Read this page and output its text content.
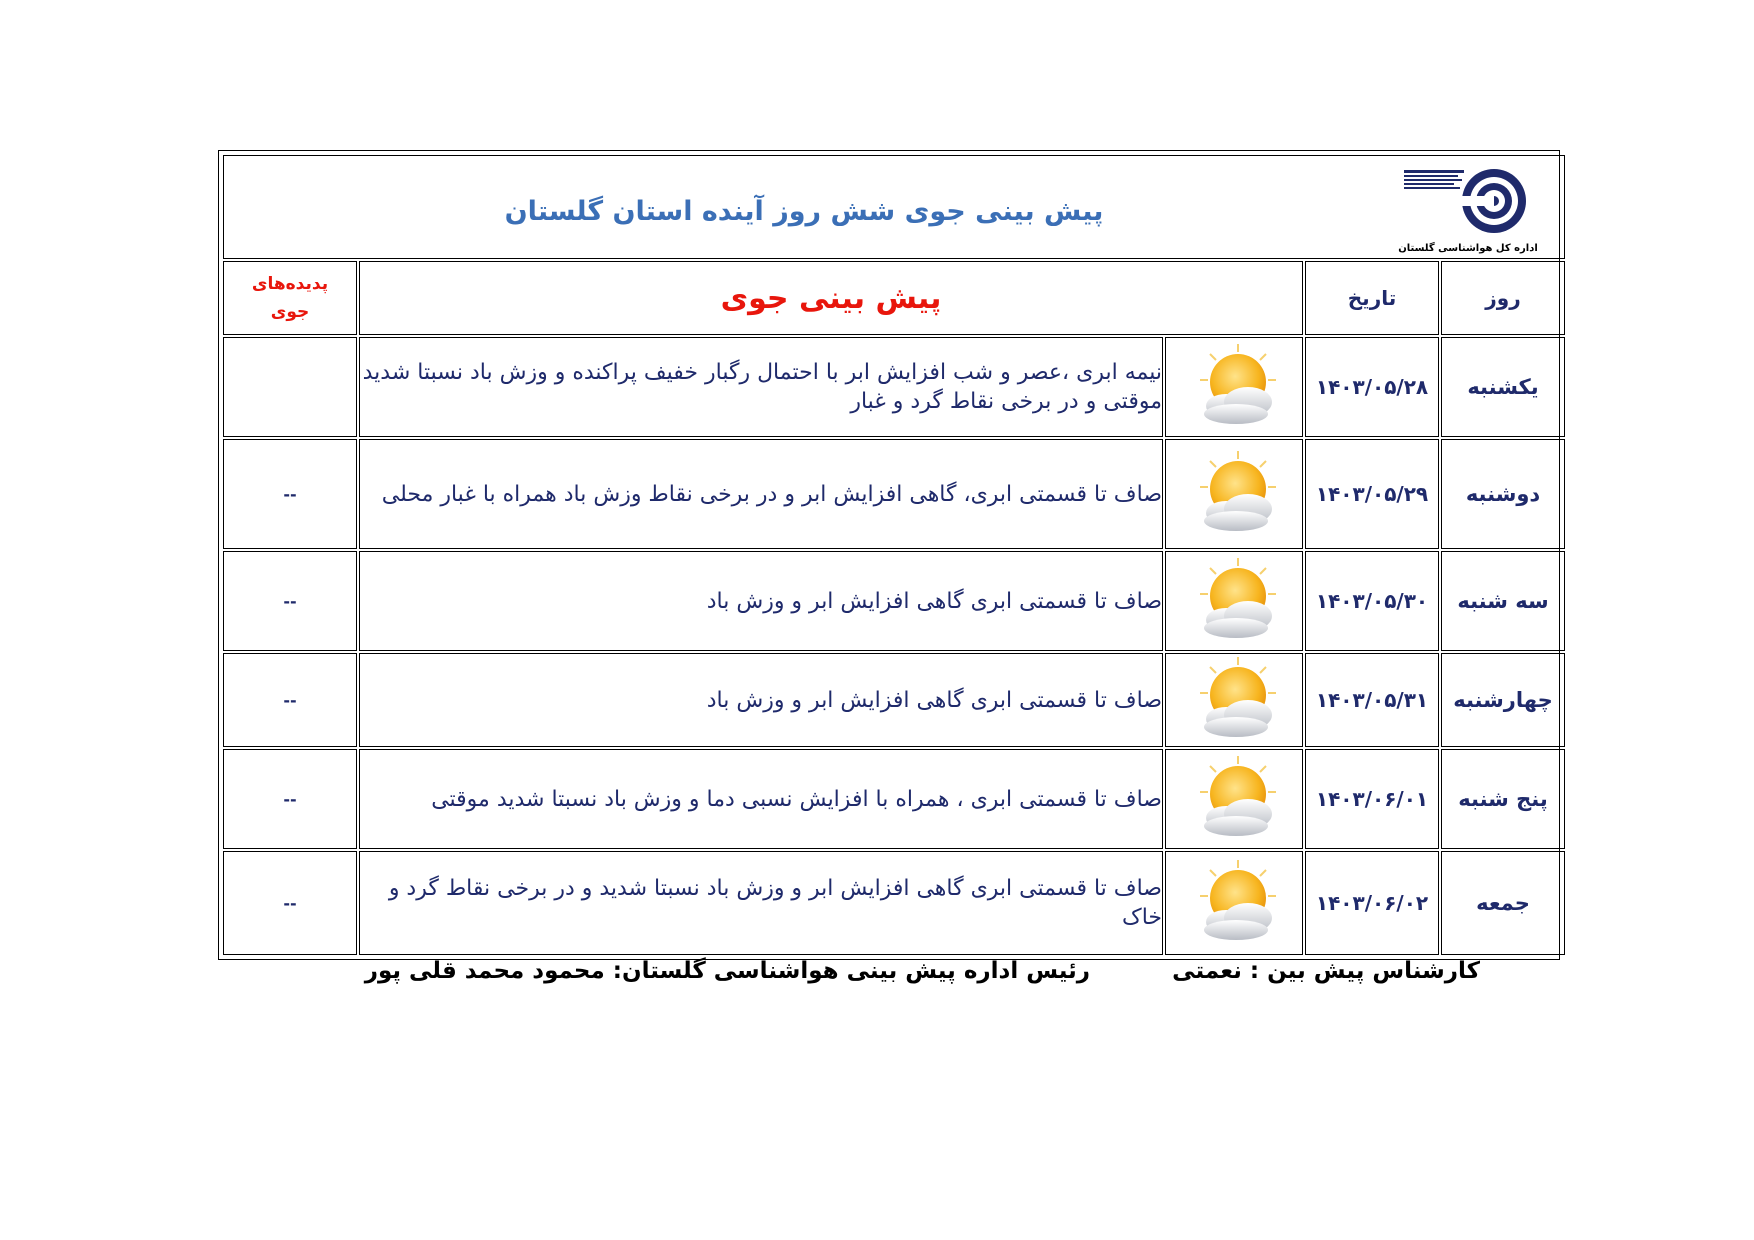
اداره کل هواشناسی گلستان
پیش بینی جوی شش روز آینده استان گلستان				

روز	تاریخ	پیش بینی جوی		پدیده‌های
جوی

یکشنبه	۱۴۰۳/۰۵/۲۸		نیمه ابری ،عصر و شب افزایش ابر با احتمال رگبار خفیف پراکنده و وزش باد نسبتا شدید موقتی و در برخی نقاط گرد و غبار	
دوشنبه	۱۴۰۳/۰۵/۲۹		صاف تا قسمتی ابری، گاهی افزایش ابر و در برخی نقاط وزش باد همراه با غبار محلی	--
سه شنبه	۱۴۰۳/۰۵/۳۰		صاف تا قسمتی ابری گاهی افزایش ابر و وزش باد	--
چهارشنبه	۱۴۰۳/۰۵/۳۱		صاف تا قسمتی ابری گاهی افزایش ابر و وزش باد	--
پنج شنبه	۱۴۰۳/۰۶/۰۱		صاف تا قسمتی ابری ، همراه با افزایش نسبی دما و وزش باد نسبتا شدید موقتی	--
جمعه	۱۴۰۳/۰۶/۰۲		صاف تا قسمتی ابری گاهی افزایش ابر و وزش باد نسبتا شدید و در برخی نقاط گرد و خاک	--
کارشناس پیش بین : نعمتی
رئیس اداره پیش بینی هواشناسی گلستان: محمود محمد قلی پور
